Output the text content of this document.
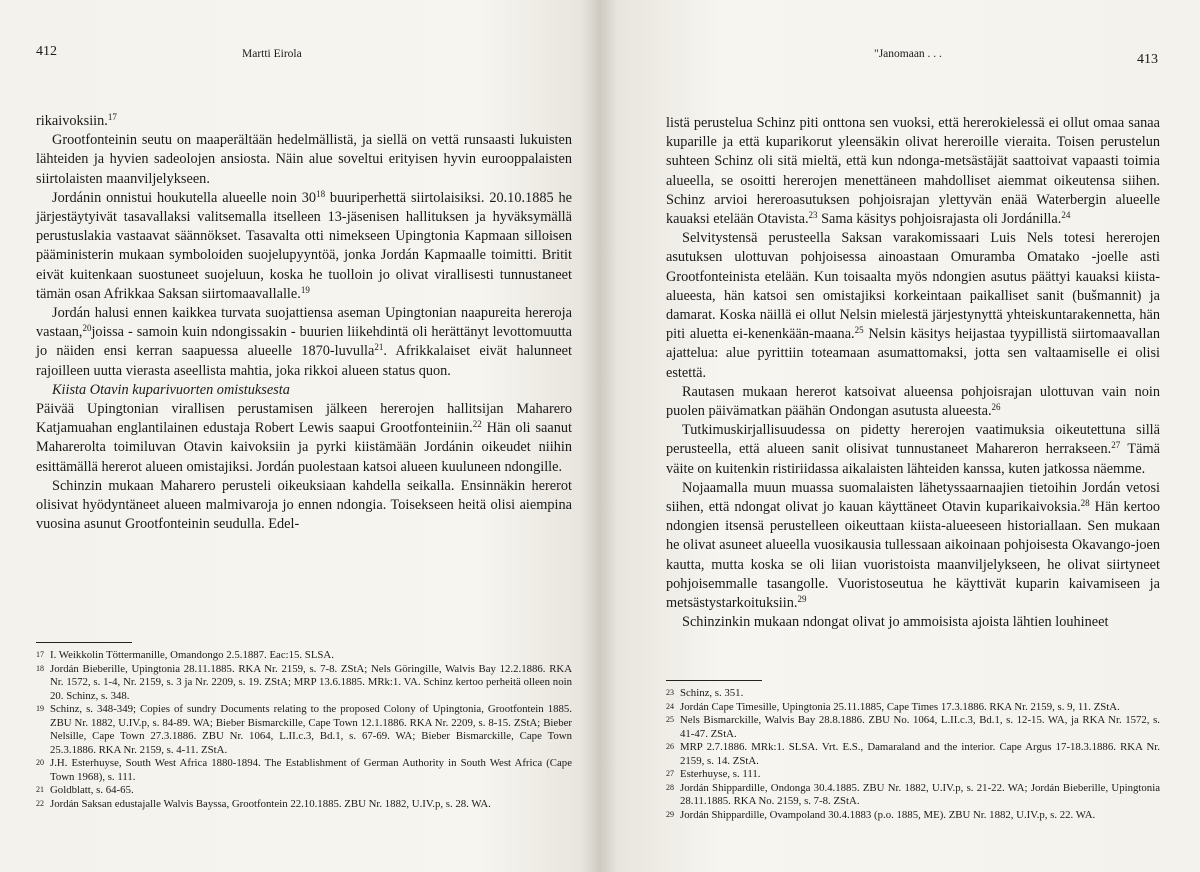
412	Martti Eirola

rikaivoksiin.$^{17}$

Grootfonteinin seutu on maaperältään hedelmällistä, ja siellä on vettä runsaasti lukuisten lähteiden ja hyvien sadeolojen ansiosta. Näin alue soveltui erityisen hyvin eurooppalaisten siirtolaisten maanviljelykseen.

Jordánin onnistui houkutella alueelle noin $30^{18}$ buuriperhettä siirtolaisiksi. 20.10.1885 he järjestäytyivät tasavallaksi valitsemalla itselleen 13-jäsenisen hallituksen ja hyväksymällä perustuslakia vastaavat säännökset. Tasavalta otti nimekseen Upingtonia Kapmaan silloisen pääministerin mukaan symboloiden suojelupyyntöä, jonka Jordán Kapmaalle toimitti. Britit eivät kuitenkaan suostuneet suojeluun, koska he tuolloin jo olivat virallisesti tunnustaneet tämän osan Afrikkaa Saksan siirtomaavallalle.$^{19}$

Jordán halusi ennen kaikkea turvata suojattiensa aseman Upingtonian naapureita hereroja vastaan,$^{20}$joissa - samoin kuin ndongissakin - buurien liikehdintä oli herättänyt levottomuutta jo näiden ensi kerran saapuessa alueelle 1870-luvulla$^{21}$. Afrikkalaiset eivät halunneet rajoilleen uutta vierasta aseellista mahtia, joka rikkoi alueen status quon.

Kiista Otavin kuparivuorten omistuksesta

Päivää Upingtonian virallisen perustamisen jälkeen hererojen hallitsijan Maharero Katjamuahan englantilainen edustaja Robert Lewis saapui Grootfonteiniin.$^{22}$ Hän oli saanut Maharerolta toimiluvan Otavin kaivoksiin ja pyrki kiistämään Jordánin oikeudet niihin esittämällä hererot alueen omistajiksi. Jordán puolestaan katsoi alueen kuuluneen ndongille.

Schinzin mukaan Maharero perusteli oikeuksiaan kahdella seikalla. Ensinnäkin hererot olisivat hyödyntäneet alueen malmivaroja jo ennen ndongia. Toisekseen heitä olisi aiempina vuosina asunut Grootfonteinin seudulla. Edel-

17 I. Weikkolin Töttermanille, Omandongo 2.5.1887. Eac:15. SLSA.
18 Jordán Bieberille, Upingtonia 28.11.1885. RKA Nr. 2159, s. 7-8. ZStA; Nels Göringille, Walvis Bay 12.2.1886. RKA Nr. 1572, s. 1-4, Nr. 2159, s. 3 ja Nr. 2209, s. 19. ZStA; MRP 13.6.1885. MRk:1. VA. Schinz kertoo perheitä olleen noin 20. Schinz, s. 348.
19 Schinz, s. 348-349; Copies of sundry Documents relating to the proposed Colony of Upingtonia, Grootfontein 1885. ZBU Nr. 1882, U.IV.p, s. 84-89. WA; Bieber Bismarckille, Cape Town 12.1.1886. RKA Nr. 2209, s. 8-15. ZStA; Bieber Nelsille, Cape Town 27.3.1886. ZBU Nr. 1064, L.II.c.3, Bd.1, s. 67-69. WA; Bieber Bismarckille, Cape Town 25.3.1886. RKA Nr. 2159, s. 4-11. ZStA.
20 J.H. Esterhuyse, South West Africa 1880-1894. The Establishment of German Authority in South West Africa (Cape Town 1968), s. 111.
21 Goldblatt, s. 64-65.
22 Jordán Saksan edustajalle Walvis Bayssa, Grootfontein 22.10.1885. ZBU Nr. 1882, U.IV.p, s. 28. WA.
"Janomaan . . .	413

listä perustelua Schinz piti onttona sen vuoksi, että hererokielessä ei ollut omaa sanaa kuparille ja että kuparikorut yleensäkin olivat hereroille vieraita. Toisen perustelun suhteen Schinz oli sitä mieltä, että kun ndonga-metsästäjät saattoivat vapaasti toimia alueella, se osoitti hererojen menettäneen mahdolliset aiemmat oikeutensa siihen. Schinz arvioi hereroasutuksen pohjoisrajan ylettyvän enää Waterbergin alueelle kauaksi etelään Otavista.$^{23}$ Sama käsitys pohjoisrajasta oli Jordánilla.$^{24}$

Selvitystensä perusteella Saksan varakomissaari Luis Nels totesi hererojen asutuksen ulottuvan pohjoisessa ainoastaan Omuramba Omatako -joelle asti Grootfonteinista etelään. Kun toisaalta myös ndongien asutus päättyi kauaksi kiista-alueesta, hän katsoi sen omistajiksi korkeintaan paikalliset sanit (bušmannit) ja damarat. Koska näillä ei ollut Nelsin mielestä järjestynyttä yhteiskuntarakennetta, hän piti aluetta ei-kenenkään-maana.$^{25}$ Nelsin käsitys heijastaa tyypillistä siirtomaavallan ajattelua: alue pyrittiin toteamaan asumattomaksi, jotta sen valtaamiselle ei olisi estettä.

Rautasen mukaan hererot katsoivat alueensa pohjoisrajan ulottuvan vain noin puolen päivämatkan päähän Ondongan asutusta alueesta.$^{26}$

Tutkimuskirjallisuudessa on pidetty hererojen vaatimuksia oikeutettuna sillä perusteella, että alueen sanit olisivat tunnustaneet Mahareron herrakseen.$^{27}$ Tämä väite on kuitenkin ristiriidassa aikalaisten lähteiden kanssa, kuten jatkossa näemme.

Nojaamalla muun muassa suomalaisten lähetyssaarnaajien tietoihin Jordán vetosi siihen, että ndongat olivat jo kauan käyttäneet Otavin kuparikaivoksia.$^{28}$ Hän kertoo ndongien itsensä perustelleen oikeuttaan kiista-alueeseen historiallaan. Sen mukaan he olivat asuneet alueella vuosikausia tullessaan aikoinaan pohjoisesta Okavango-joen kautta, mutta koska se oli liian vuoristoista maanviljelykseen, he olivat siirtyneet pohjoisemmalle tasangolle. Vuoristoseutua he käyttivät kuparin kaivamiseen ja metsästystarkoituksiin.$^{29}$

Schinzinkin mukaan ndongat olivat jo ammoisista ajoista lähtien louhineet

23 Schinz, s. 351.
24 Jordán Cape Timesille, Upingtonia 25.11.1885, Cape Times 17.3.1886. RKA Nr. 2159, s. 9, 11. ZStA.
25 Nels Bismarckille, Walvis Bay 28.8.1886. ZBU No. 1064, L.II.c.3, Bd.1, s. 12-15. WA, ja RKA Nr. 1572, s. 41-47. ZStA.
26 MRP 2.7.1886. MRk:1. SLSA. Vrt. E.S., Damaraland and the interior. Cape Argus 17-18.3.1886. RKA Nr. 2159, s. 14. ZStA.
27 Esterhuyse, s. 111.
28 Jordán Shippardille, Ondonga 30.4.1885. ZBU Nr. 1882, U.IV.p, s. 21-22. WA; Jordán Bieberille, Upingtonia 28.11.1885. RKA No. 2159, s. 7-8. ZStA.
29 Jordán Shippardille, Ovampoland 30.4.1883 (p.o. 1885, ME). ZBU Nr. 1882, U.IV.p, s. 22. WA.
